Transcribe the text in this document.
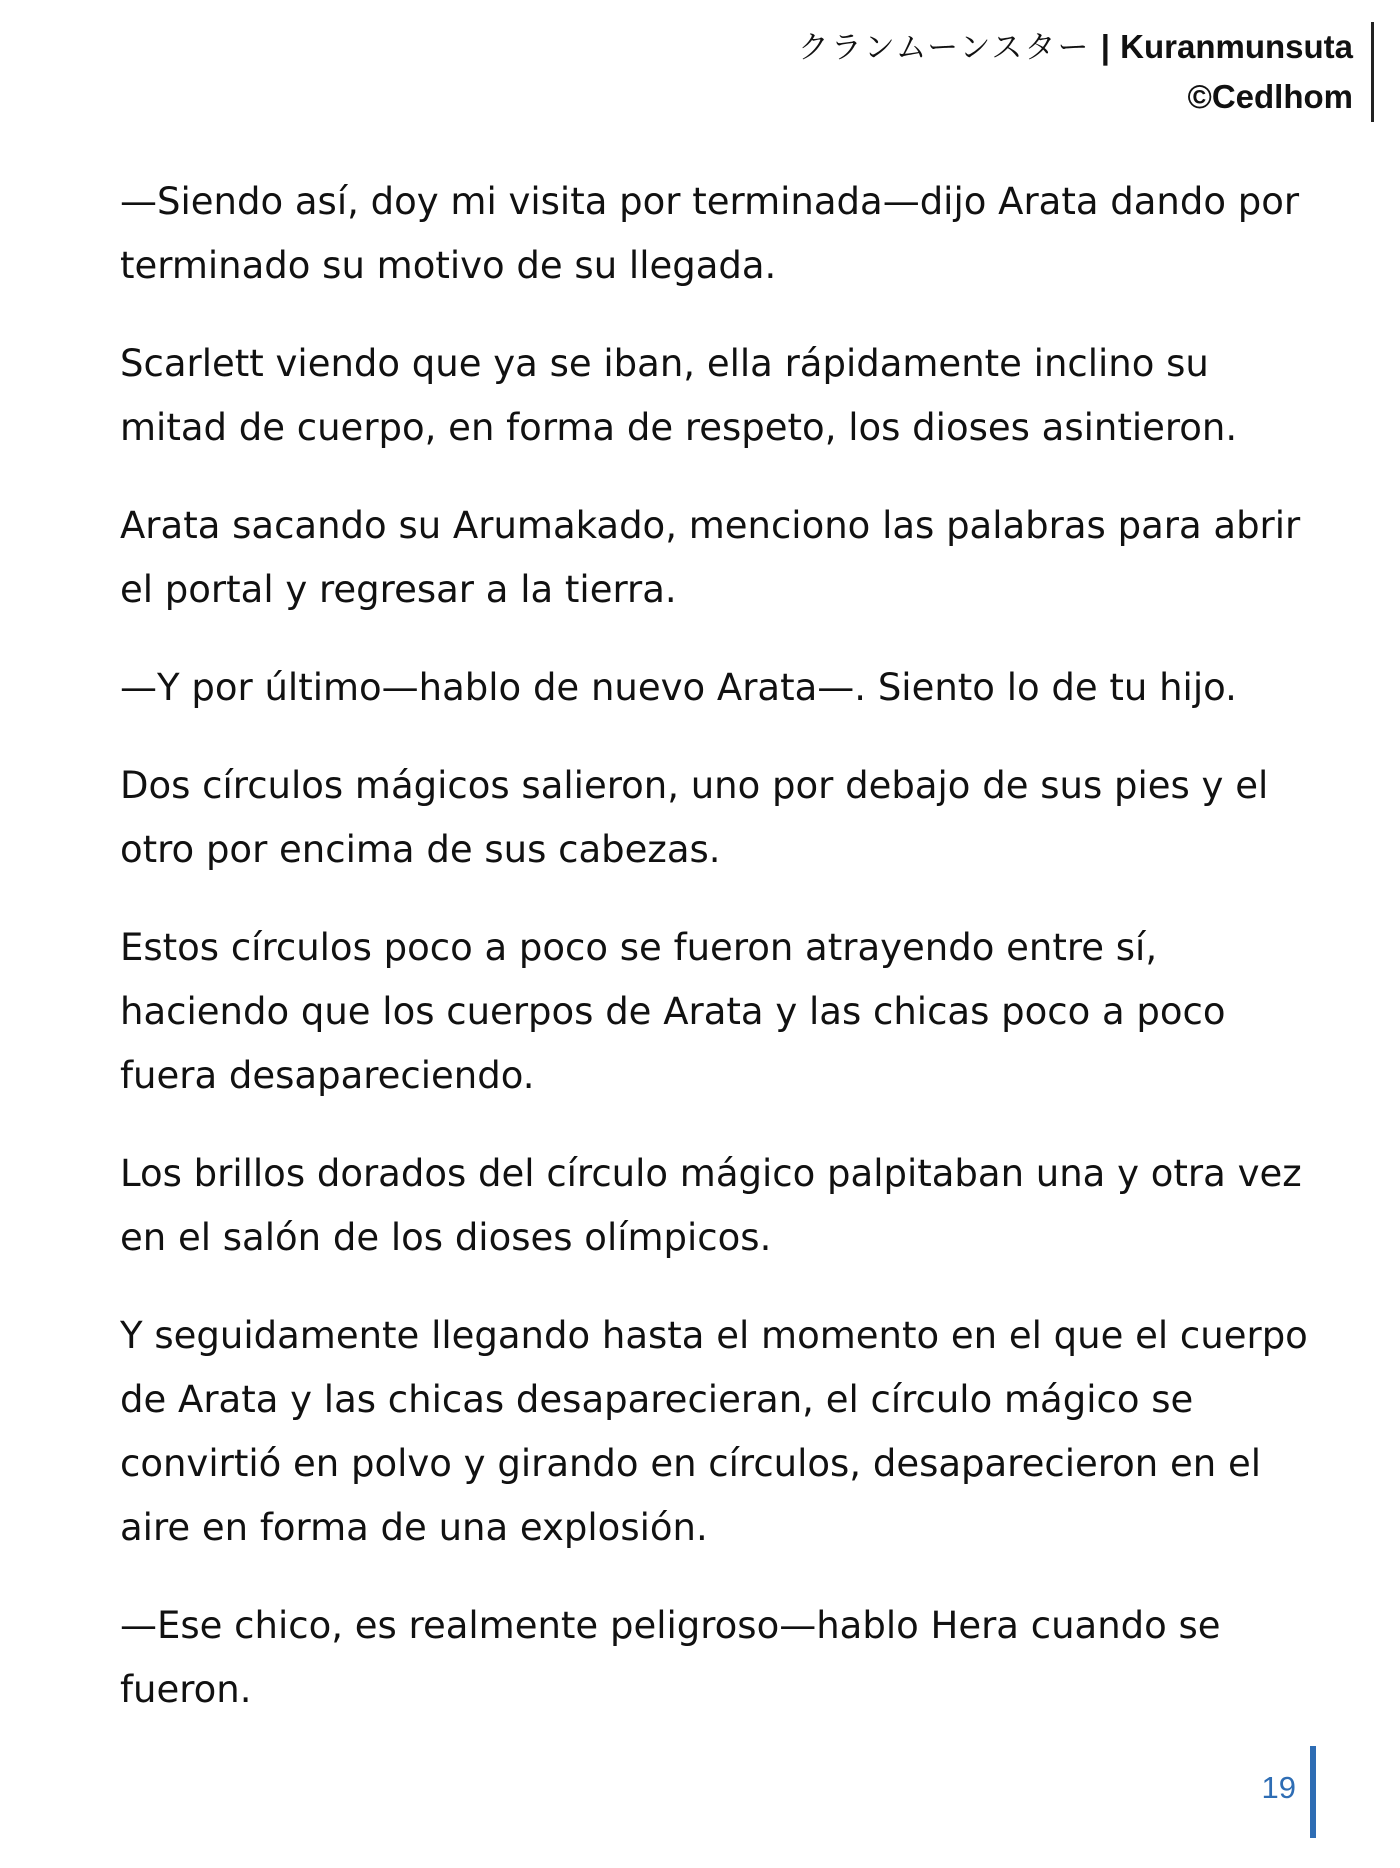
クランムーンスター | Kuranmunsuta
©Cedlhom

—Siendo así, doy mi visita por terminada—dijo Arata dando por terminado su motivo de su llegada.

Scarlett viendo que ya se iban, ella rápidamente inclino su mitad de cuerpo, en forma de respeto, los dioses asintieron.

Arata sacando su Arumakado, menciono las palabras para abrir el portal y regresar a la tierra.

—Y por último—hablo de nuevo Arata—. Siento lo de tu hijo.

Dos círculos mágicos salieron, uno por debajo de sus pies y el otro por encima de sus cabezas.

Estos círculos poco a poco se fueron atrayendo entre sí, haciendo que los cuerpos de Arata y las chicas poco a poco fuera desapareciendo.

Los brillos dorados del círculo mágico palpitaban una y otra vez en el salón de los dioses olímpicos.

Y seguidamente llegando hasta el momento en el que el cuerpo de Arata y las chicas desaparecieran, el círculo mágico se convirtió en polvo y girando en círculos, desaparecieron en el aire en forma de una explosión.

—Ese chico, es realmente peligroso—hablo Hera cuando se fueron.

19
